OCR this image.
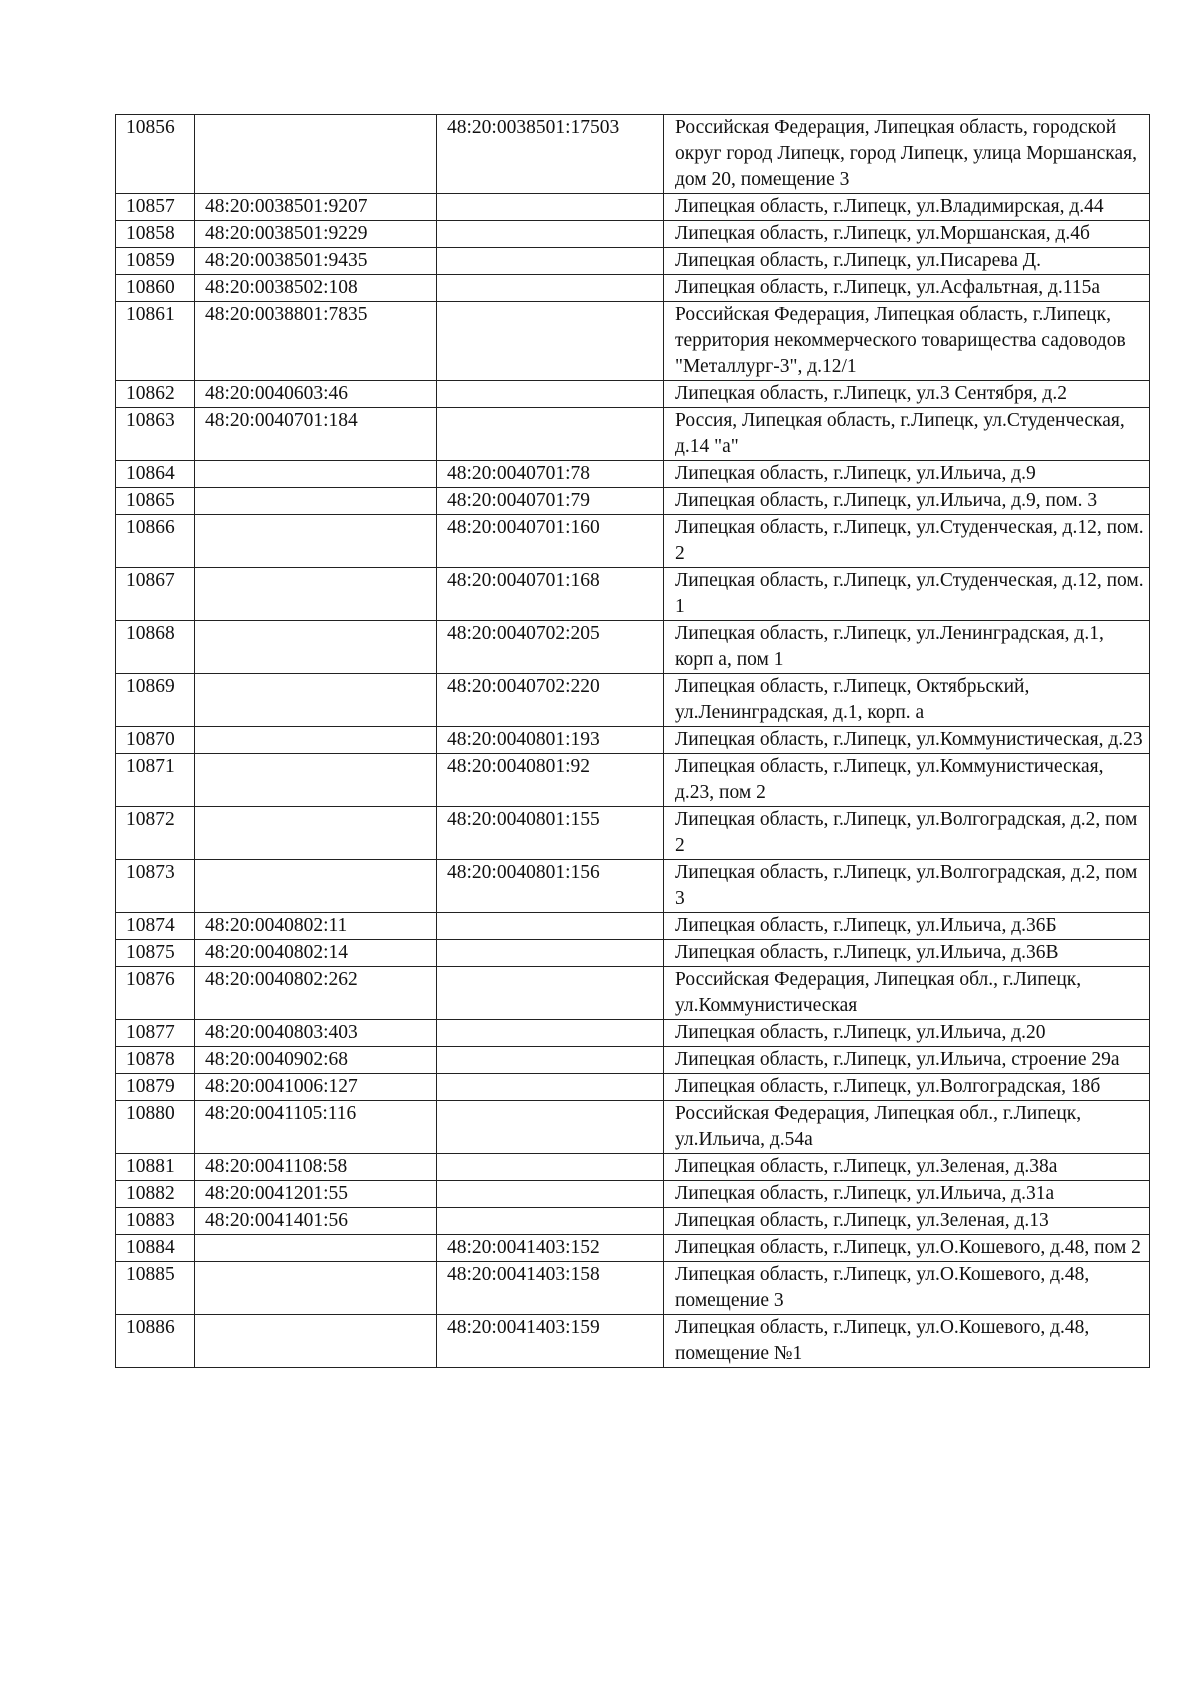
10856		48:20:0038501:17503	Российская Федерация, Липецкая область, городской округ город Липецк, город Липецк, улица Моршанская, дом 20, помещение 3
10857	48:20:0038501:9207		Липецкая область, г.Липецк, ул.Владимирская, д.44
10858	48:20:0038501:9229		Липецкая область, г.Липецк, ул.Моршанская, д.4б
10859	48:20:0038501:9435		Липецкая область, г.Липецк, ул.Писарева Д.
10860	48:20:0038502:108		Липецкая область, г.Липецк, ул.Асфальтная, д.115а
10861	48:20:0038801:7835		Российская Федерация, Липецкая область, г.Липецк, территория некоммерческого товарищества садоводов "Металлург-3", д.12/1
10862	48:20:0040603:46		Липецкая область, г.Липецк, ул.3 Сентября, д.2
10863	48:20:0040701:184		Россия, Липецкая область, г.Липецк, ул.Студенческая, д.14 "а"
10864		48:20:0040701:78	Липецкая область, г.Липецк, ул.Ильича, д.9
10865		48:20:0040701:79	Липецкая область, г.Липецк, ул.Ильича, д.9, пом. 3
10866		48:20:0040701:160	Липецкая область, г.Липецк, ул.Студенческая, д.12, пом. 2
10867		48:20:0040701:168	Липецкая область, г.Липецк, ул.Студенческая, д.12, пом. 1
10868		48:20:0040702:205	Липецкая область, г.Липецк, ул.Ленинградская, д.1, корп а, пом 1
10869		48:20:0040702:220	Липецкая область, г.Липецк, Октябрьский, ул.Ленинградская, д.1, корп. а
10870		48:20:0040801:193	Липецкая область, г.Липецк, ул.Коммунистическая, д.23
10871		48:20:0040801:92	Липецкая область, г.Липецк, ул.Коммунистическая, д.23, пом 2
10872		48:20:0040801:155	Липецкая область, г.Липецк, ул.Волгоградская, д.2, пом 2
10873		48:20:0040801:156	Липецкая область, г.Липецк, ул.Волгоградская, д.2, пом 3
10874	48:20:0040802:11		Липецкая область, г.Липецк, ул.Ильича, д.36Б
10875	48:20:0040802:14		Липецкая область, г.Липецк, ул.Ильича, д.36В
10876	48:20:0040802:262		Российская Федерация, Липецкая обл., г.Липецк, ул.Коммунистическая
10877	48:20:0040803:403		Липецкая область, г.Липецк, ул.Ильича, д.20
10878	48:20:0040902:68		Липецкая область, г.Липецк, ул.Ильича, строение 29а
10879	48:20:0041006:127		Липецкая область, г.Липецк, ул.Волгоградская, 18б
10880	48:20:0041105:116		Российская Федерация, Липецкая обл., г.Липецк, ул.Ильича, д.54а
10881	48:20:0041108:58		Липецкая область, г.Липецк, ул.Зеленая, д.38а
10882	48:20:0041201:55		Липецкая область, г.Липецк, ул.Ильича, д.31а
10883	48:20:0041401:56		Липецкая область, г.Липецк, ул.Зеленая, д.13
10884		48:20:0041403:152	Липецкая область, г.Липецк, ул.О.Кошевого, д.48, пом 2
10885		48:20:0041403:158	Липецкая область, г.Липецк, ул.О.Кошевого, д.48, помещение 3
10886		48:20:0041403:159	Липецкая область, г.Липецк, ул.О.Кошевого, д.48, помещение №1
